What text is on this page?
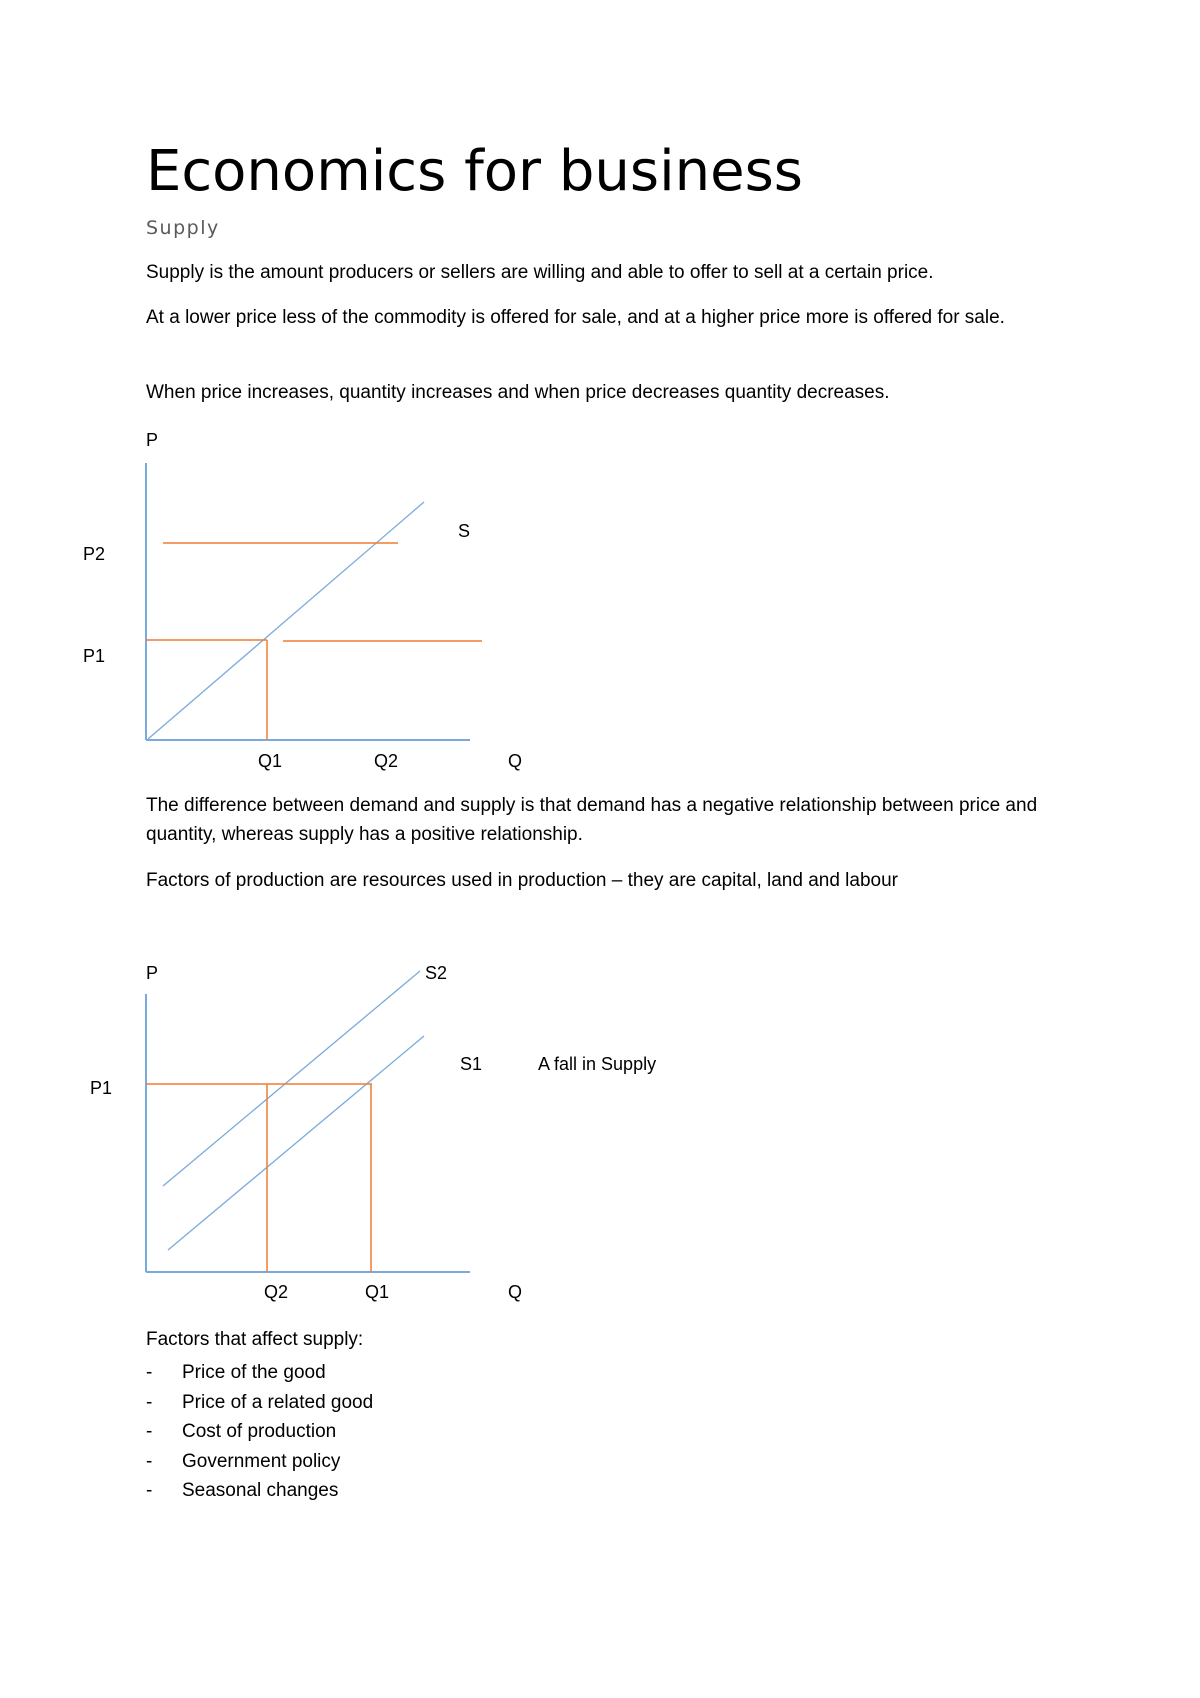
Economics for business
Supply

Supply is the amount producers or sellers are willing and able to offer to sell at a certain price.

At a lower price less of the commodity is offered for sale, and at a higher price more is offered for sale.

When price increases, quantity increases and when price decreases quantity decreases.

P
S
P2
P1
Q1	Q2	Q

The difference between demand and supply is that demand has a negative relationship between price and quantity, whereas supply has a positive relationship.

Factors of production are resources used in production – they are capital, land and labour

P	S2
S1	A fall in Supply
P1
Q2	Q1	Q

Factors that affect supply:

- Price of the good
- Price of a related good
- Cost of production
- Government policy
- Seasonal changes
